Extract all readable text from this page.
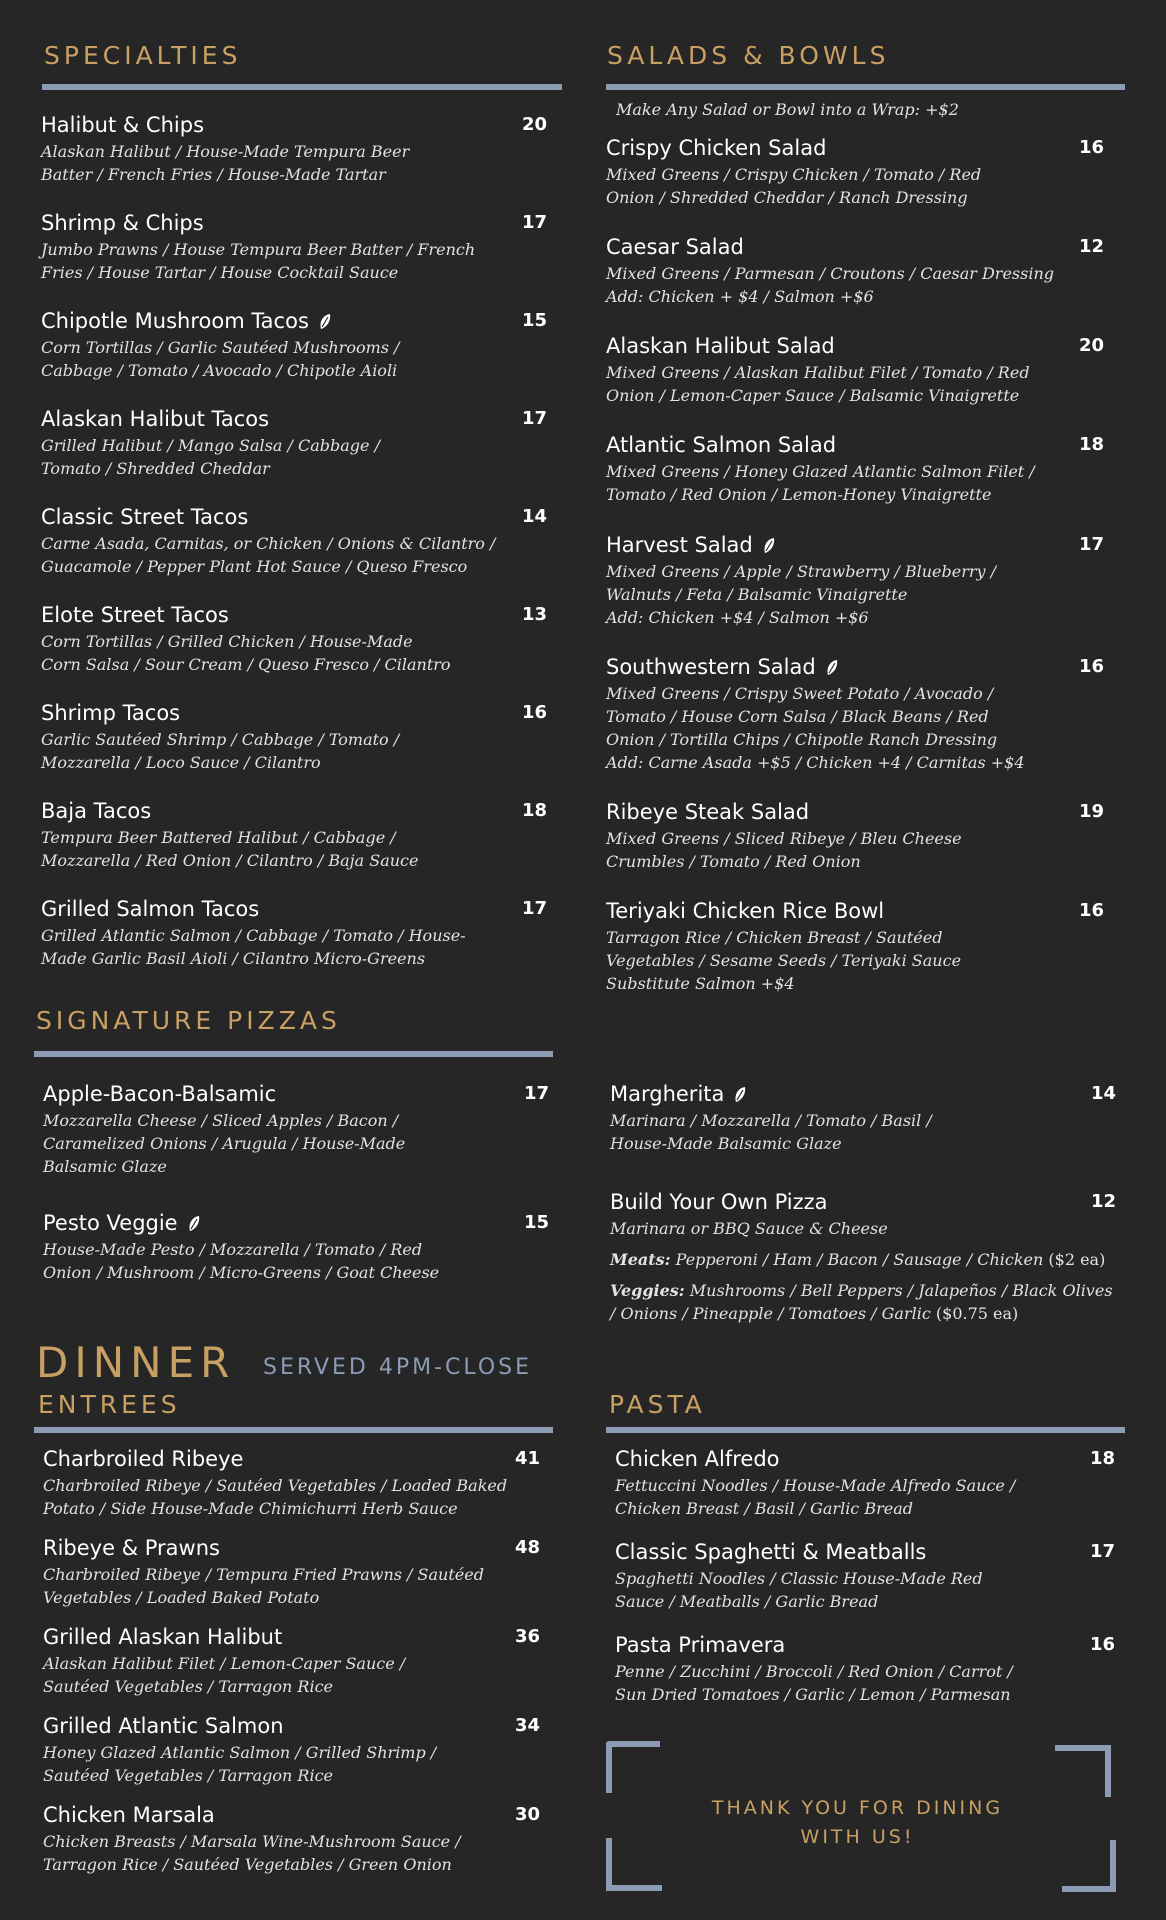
SPECIALTIES
Halibut & Chips	20
Alaskan Halibut / House-Made Tempura Beer
Batter / French Fries / House-Made Tartar
Shrimp & Chips	17
Jumbo Prawns / House Tempura Beer Batter / French
Fries / House Tartar / House Cocktail Sauce
Chipotle Mushroom Tacos	15
Corn Tortillas / Garlic Sautéed Mushrooms /
Cabbage / Tomato / Avocado / Chipotle Aioli
Alaskan Halibut Tacos	17
Grilled Halibut / Mango Salsa / Cabbage /
Tomato / Shredded Cheddar
Classic Street Tacos	14
Carne Asada, Carnitas, or Chicken / Onions & Cilantro /
Guacamole / Pepper Plant Hot Sauce / Queso Fresco
Elote Street Tacos	13
Corn Tortillas / Grilled Chicken / House-Made
Corn Salsa / Sour Cream / Queso Fresco / Cilantro
Shrimp Tacos	16
Garlic Sautéed Shrimp / Cabbage / Tomato /
Mozzarella / Loco Sauce / Cilantro
Baja Tacos	18
Tempura Beer Battered Halibut / Cabbage /
Mozzarella / Red Onion / Cilantro / Baja Sauce
Grilled Salmon Tacos	17
Grilled Atlantic Salmon / Cabbage / Tomato / House-
Made Garlic Basil Aioli / Cilantro Micro-Greens
SALADS & BOWLS
Make Any Salad or Bowl into a Wrap: +$2
Crispy Chicken Salad	16
Mixed Greens / Crispy Chicken / Tomato / Red
Onion / Shredded Cheddar / Ranch Dressing
Caesar Salad	12
Mixed Greens / Parmesan / Croutons / Caesar Dressing
Add: Chicken + $4 / Salmon +$6
Alaskan Halibut Salad	20
Mixed Greens / Alaskan Halibut Filet / Tomato / Red
Onion / Lemon-Caper Sauce / Balsamic Vinaigrette
Atlantic Salmon Salad	18
Mixed Greens / Honey Glazed Atlantic Salmon Filet /
Tomato / Red Onion / Lemon-Honey Vinaigrette
Harvest Salad	17
Mixed Greens / Apple / Strawberry / Blueberry /
Walnuts / Feta / Balsamic Vinaigrette
Add: Chicken +$4 / Salmon +$6
Southwestern Salad	16
Mixed Greens / Crispy Sweet Potato / Avocado /
Tomato / House Corn Salsa / Black Beans / Red
Onion / Tortilla Chips / Chipotle Ranch Dressing
Add: Carne Asada +$5 / Chicken +4 / Carnitas +$4
Ribeye Steak Salad	19
Mixed Greens / Sliced Ribeye / Bleu Cheese
Crumbles / Tomato / Red Onion
Teriyaki Chicken Rice Bowl	16
Tarragon Rice / Chicken Breast / Sautéed
Vegetables / Sesame Seeds / Teriyaki Sauce
Substitute Salmon +$4
SIGNATURE PIZZAS
Apple-Bacon-Balsamic	17
Mozzarella Cheese / Sliced Apples / Bacon /
Caramelized Onions / Arugula / House-Made
Balsamic Glaze
Pesto Veggie	15
House-Made Pesto / Mozzarella / Tomato / Red
Onion / Mushroom / Micro-Greens / Goat Cheese
Margherita	14
Marinara / Mozzarella / Tomato / Basil /
House-Made Balsamic Glaze
Build Your Own Pizza	12
Marinara or BBQ Sauce & Cheese
Meats: Pepperoni / Ham / Bacon / Sausage / Chicken ($2 ea)
Veggies: Mushrooms / Bell Peppers / Jalapeños / Black Olives
/ Onions / Pineapple / Tomatoes / Garlic ($0.75 ea)
DINNER SERVED 4PM-CLOSE
ENTREES
Charbroiled Ribeye	41
Charbroiled Ribeye / Sautéed Vegetables / Loaded Baked
Potato / Side House-Made Chimichurri Herb Sauce
Ribeye & Prawns	48
Charbroiled Ribeye / Tempura Fried Prawns / Sautéed
Vegetables / Loaded Baked Potato
Grilled Alaskan Halibut	36
Alaskan Halibut Filet / Lemon-Caper Sauce /
Sautéed Vegetables / Tarragon Rice
Grilled Atlantic Salmon	34
Honey Glazed Atlantic Salmon / Grilled Shrimp /
Sautéed Vegetables / Tarragon Rice
Chicken Marsala	30
Chicken Breasts / Marsala Wine-Mushroom Sauce /
Tarragon Rice / Sautéed Vegetables / Green Onion
PASTA
Chicken Alfredo	18
Fettuccini Noodles / House-Made Alfredo Sauce /
Chicken Breast / Basil / Garlic Bread
Classic Spaghetti & Meatballs	17
Spaghetti Noodles / Classic House-Made Red
Sauce / Meatballs / Garlic Bread
Pasta Primavera	16
Penne / Zucchini / Broccoli / Red Onion / Carrot /
Sun Dried Tomatoes / Garlic / Lemon / Parmesan
THANK YOU FOR DINING
WITH US!
